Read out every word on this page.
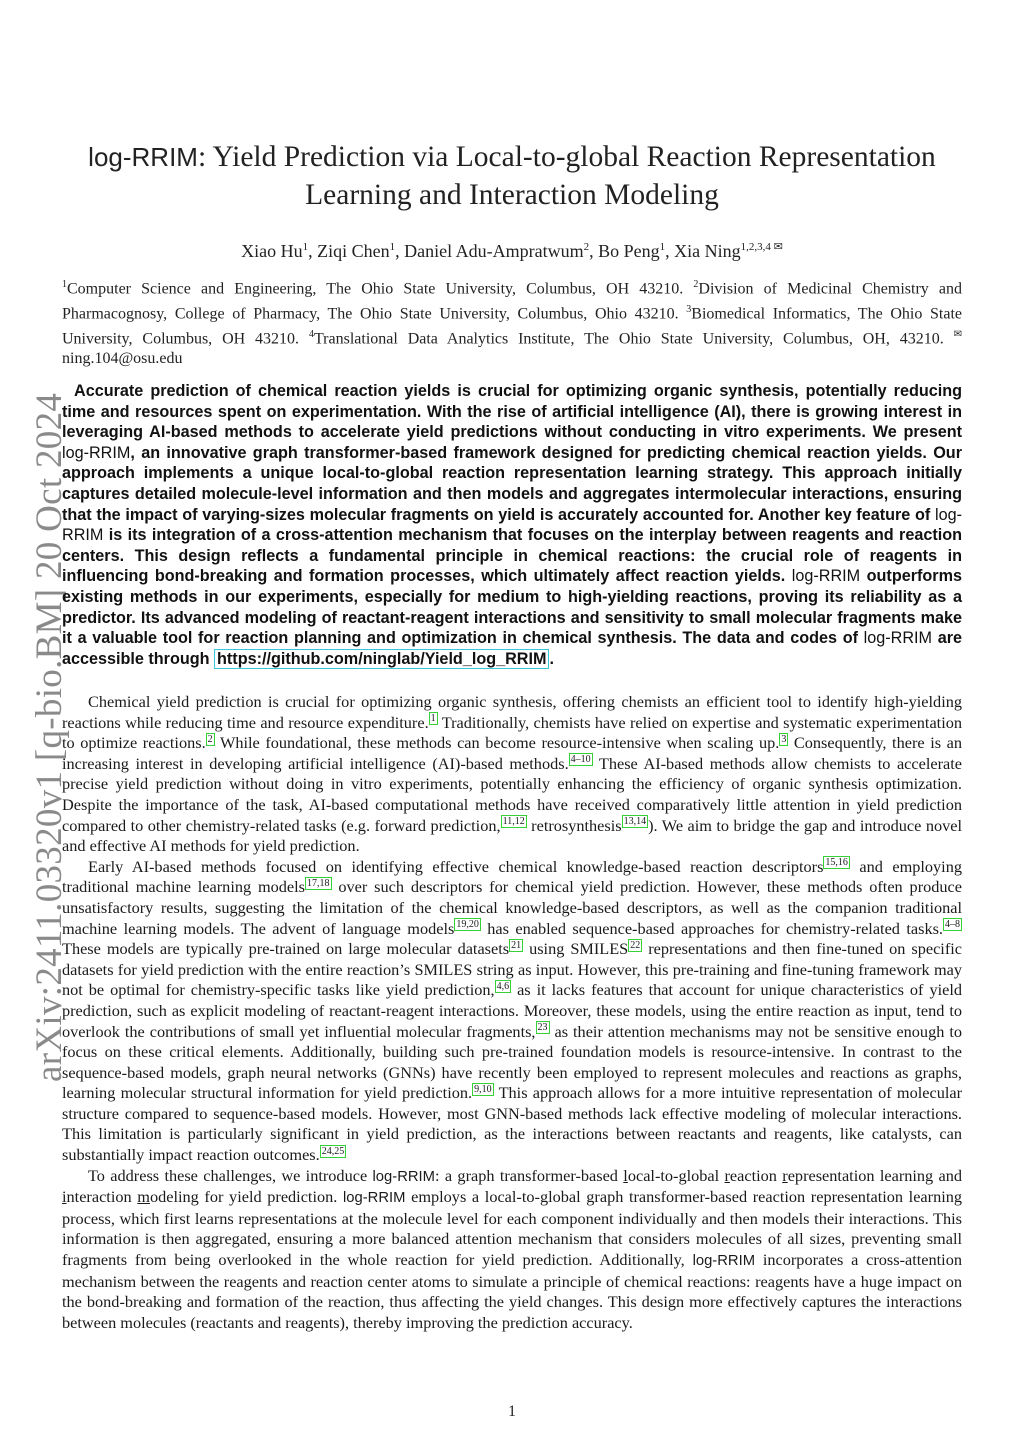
arXiv:2411.03320v1 [q-bio.BM] 20 Oct 2024
log-RRIM: Yield Prediction via Local-to-global Reaction Representation
Learning and Interaction Modeling
Xiao Hu$^1$, Ziqi Chen$^1$, Daniel Adu-Ampratwum$^2$, Bo Peng$^1$, Xia Ning$^{1,2,3,4 ✉}$
$^1$Computer Science and Engineering, The Ohio State University, Columbus, OH 43210. $^2$Division of Medicinal Chemistry and Pharmacognosy, College of Pharmacy, The Ohio State University, Columbus, Ohio 43210. $^3$Biomedical Informatics, The Ohio State University, Columbus, OH 43210. $^4$Translational Data Analytics Institute, The Ohio State University, Columbus, OH, 43210. ✉ning.104@osu.edu
Accurate prediction of chemical reaction yields is crucial for optimizing organic synthesis, potentially reducing time and resources spent on experimentation. With the rise of artificial intelligence (AI), there is growing interest in leveraging AI-based methods to accelerate yield predictions without conducting in vitro experiments. We present log-RRIM, an innovative graph transformer-based framework designed for predicting chemical reaction yields. Our approach implements a unique local-to-global reaction representation learning strategy. This approach initially captures detailed molecule-level information and then models and aggregates intermolecular interactions, ensuring that the impact of varying-sizes molecular fragments on yield is accurately accounted for. Another key feature of log-RRIM is its integration of a cross-attention mechanism that focuses on the interplay between reagents and reaction centers. This design reflects a fundamental principle in chemical reactions: the crucial role of reagents in influencing bond-breaking and formation processes, which ultimately affect reaction yields. log-RRIM outperforms existing methods in our experiments, especially for medium to high-yielding reactions, proving its reliability as a predictor. Its advanced modeling of reactant-reagent interactions and sensitivity to small molecular fragments make it a valuable tool for reaction planning and optimization in chemical synthesis. The data and codes of log-RRIM are accessible through https://github.com/ninglab/Yield_log_RRIM .

Chemical yield prediction is crucial for optimizing organic synthesis, offering chemists an efficient tool to identify high-yielding reactions while reducing time and resource expenditure. $^1$ Traditionally, chemists have relied on expertise and systematic experimentation to optimize reactions. $^2$ While foundational, these methods can become resource-intensive when scaling up. $^3$ Consequently, there is an increasing interest in developing artificial intelligence (AI)-based methods. $^{4-10}$ These AI-based methods allow chemists to accelerate precise yield prediction without doing in vitro experiments, potentially enhancing the efficiency of organic synthesis optimization. Despite the importance of the task, AI-based computational methods have received comparatively little attention in yield prediction compared to other chemistry-related tasks (e.g. forward prediction, $^{11,12}$ retrosynthesis $^{13,14}$ ). We aim to bridge the gap and introduce novel and effective AI methods for yield prediction.

Early AI-based methods focused on identifying effective chemical knowledge-based reaction descriptors $^{15,16}$ and employing traditional machine learning models $^{17,18}$ over such descriptors for chemical yield prediction. However, these methods often produce unsatisfactory results, suggesting the limitation of the chemical knowledge-based descriptors, as well as the companion traditional machine learning models. The advent of language models $^{19,20}$ has enabled sequence-based approaches for chemistry-related tasks. $^{4-8}$ These models are typically pre-trained on large molecular datasets $^{21}$ using SMILES $^{22}$ representations and then fine-tuned on specific datasets for yield prediction with the entire reaction’s SMILES string as input. However, this pre-training and fine-tuning framework may not be optimal for chemistry-specific tasks like yield prediction, $^{4,6}$ as it lacks features that account for unique characteristics of yield prediction, such as explicit modeling of reactant-reagent interactions. Moreover, these models, using the entire reaction as input, tend to overlook the contributions of small yet influential molecular fragments, $^{23}$ as their attention mechanisms may not be sensitive enough to focus on these critical elements. Additionally, building such pre-trained foundation models is resource-intensive. In contrast to the sequence-based models, graph neural networks (GNNs) have recently been employed to represent molecules and reactions as graphs, learning molecular structural information for yield prediction. $^{9,10}$ This approach allows for a more intuitive representation of molecular structure compared to sequence-based models. However, most GNN-based methods lack effective modeling of molecular interactions. This limitation is particularly significant in yield prediction, as the interactions between reactants and reagents, like catalysts, can substantially impact reaction outcomes. $^{24,25}$

To address these challenges, we introduce log-RRIM: a graph transformer-based local-to-global reaction representation learning and interaction modeling for yield prediction. log-RRIM employs a local-to-global graph transformer-based reaction representation learning process, which first learns representations at the molecule level for each component individually and then models their interactions. This information is then aggregated, ensuring a more balanced attention mechanism that considers molecules of all sizes, preventing small fragments from being overlooked in the whole reaction for yield prediction. Additionally, log-RRIM incorporates a cross-attention mechanism between the reagents and reaction center atoms to simulate a principle of chemical reactions: reagents have a huge impact on the bond-breaking and formation of the reaction, thus affecting the yield changes. This design more effectively captures the interactions between molecules (reactants and reagents), thereby improving the prediction accuracy.

1
